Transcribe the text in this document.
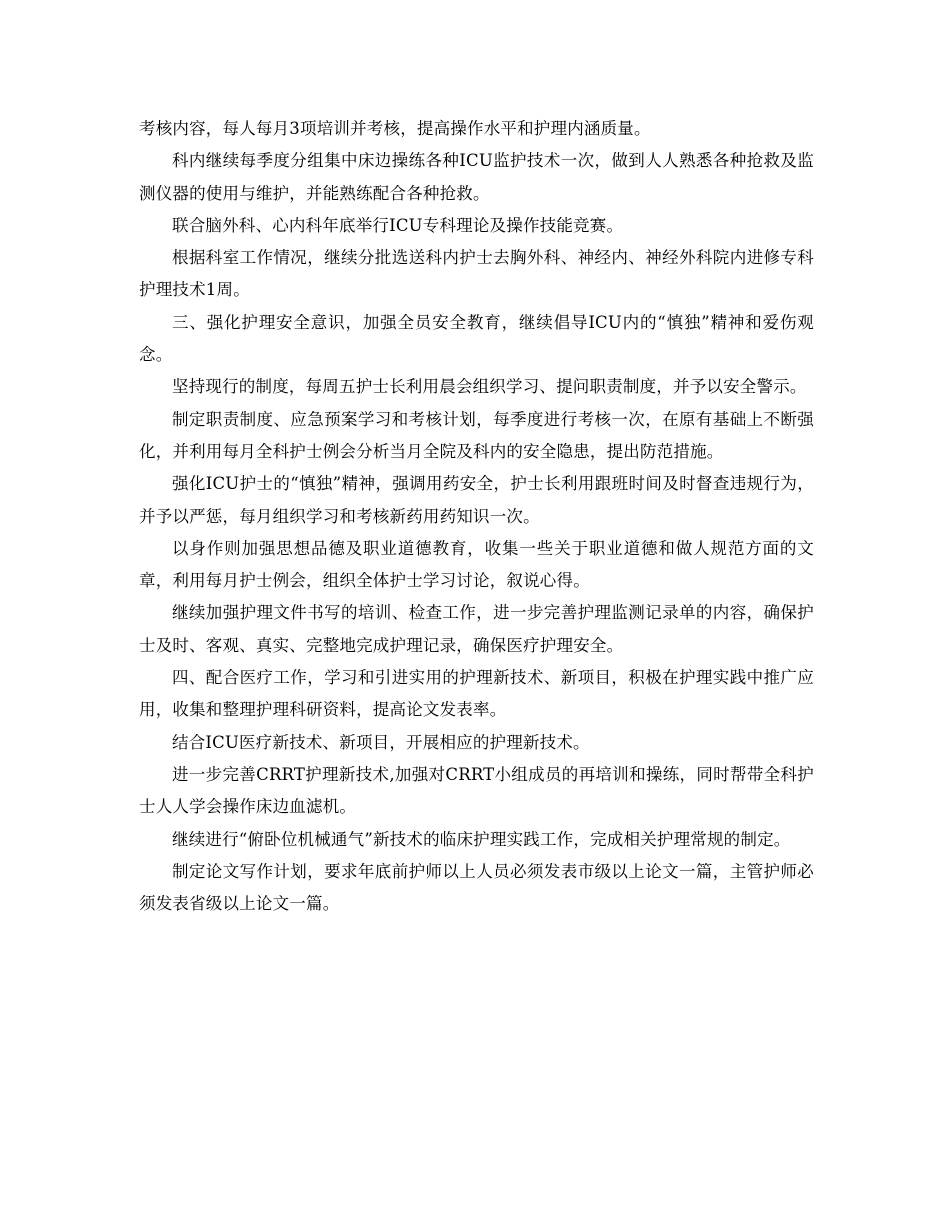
考核内容，每人每月3项培训并考核，提高操作水平和护理内涵质量。

科内继续每季度分组集中床边操练各种ICU监护技术一次，做到人人熟悉各种抢救及监测仪器的使用与维护，并能熟练配合各种抢救。

联合脑外科、心内科年底举行ICU专科理论及操作技能竞赛。

根据科室工作情况，继续分批选送科内护士去胸外科、神经内、神经外科院内进修专科护理技术1周。

三、强化护理安全意识，加强全员安全教育，继续倡导ICU内的“慎独”精神和爱伤观念。

坚持现行的制度，每周五护士长利用晨会组织学习、提问职责制度，并予以安全警示。

制定职责制度、应急预案学习和考核计划，每季度进行考核一次，在原有基础上不断强化，并利用每月全科护士例会分析当月全院及科内的安全隐患，提出防范措施。

强化ICU护士的“慎独”精神，强调用药安全，护士长利用跟班时间及时督查违规行为，并予以严惩，每月组织学习和考核新药用药知识一次。

以身作则加强思想品德及职业道德教育，收集一些关于职业道德和做人规范方面的文章，利用每月护士例会，组织全体护士学习讨论，叙说心得。

继续加强护理文件书写的培训、检查工作，进一步完善护理监测记录单的内容，确保护士及时、客观、真实、完整地完成护理记录，确保医疗护理安全。

四、配合医疗工作，学习和引进实用的护理新技术、新项目，积极在护理实践中推广应用，收集和整理护理科研资料，提高论文发表率。

结合ICU医疗新技术、新项目，开展相应的护理新技术。

进一步完善CRRT护理新技术,加强对CRRT小组成员的再培训和操练，同时帮带全科护士人人学会操作床边血滤机。

继续进行“俯卧位机械通气”新技术的临床护理实践工作，完成相关护理常规的制定。

制定论文写作计划，要求年底前护师以上人员必须发表市级以上论文一篇，主管护师必须发表省级以上论文一篇。
